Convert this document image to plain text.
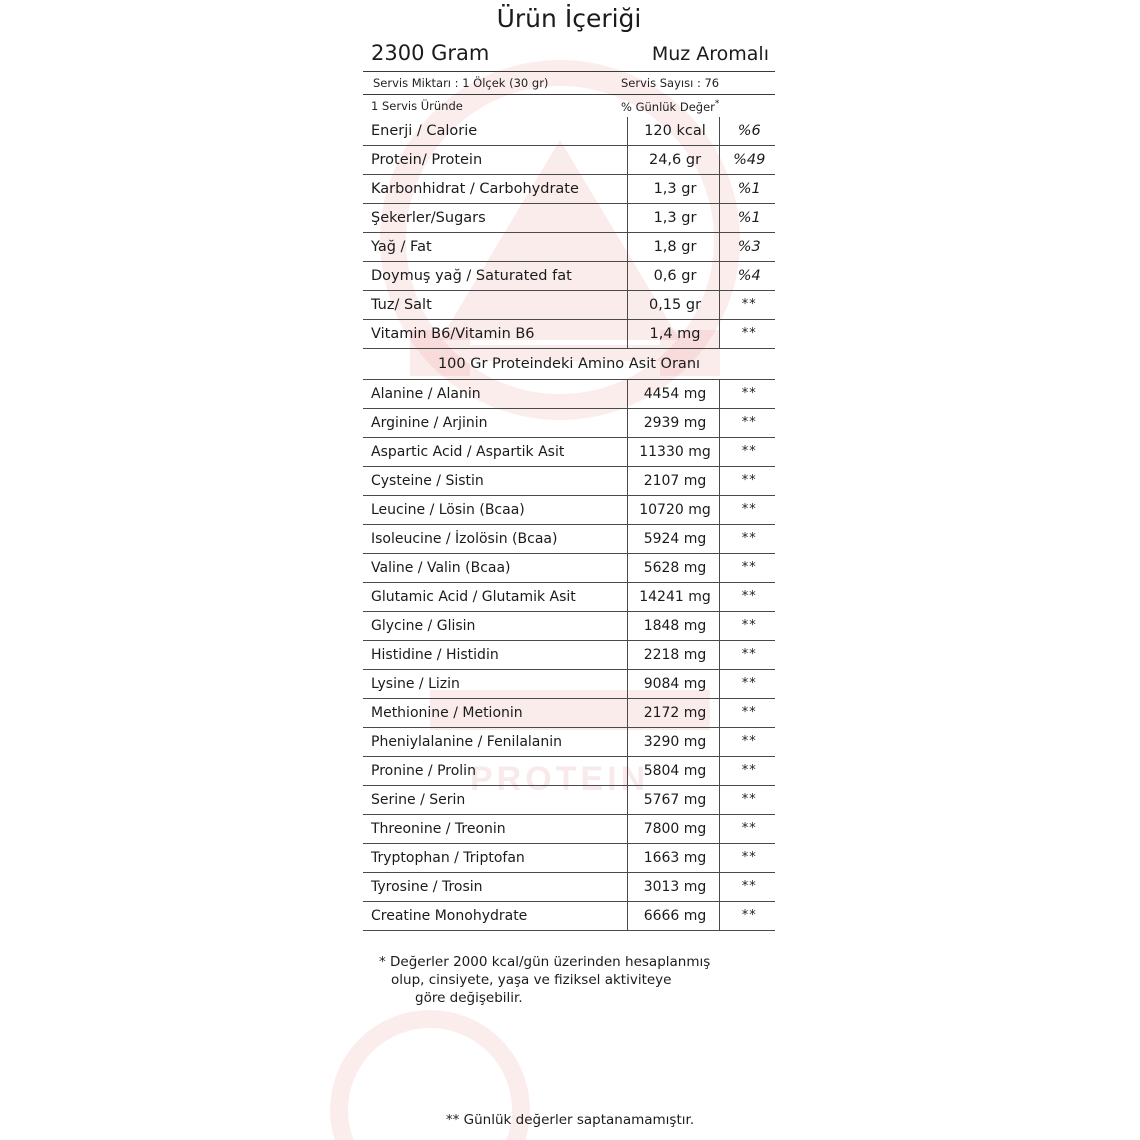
PROTEIN
Ürün İçeriği
2300 Gram	Muz Aromalı
Servis Miktarı : 1 Ölçek (30 gr)	Servis Sayısı : 76
1 Servis Üründe	% Günlük Değer*
Enerji / Calorie	120 kcal	%6
Protein/ Protein	24,6 gr	%49
Karbonhidrat / Carbohydrate	1,3 gr	%1
Şekerler/Sugars	1,3 gr	%1
Yağ / Fat	1,8 gr	%3
Doymuş yağ / Saturated fat	0,6 gr	%4
Tuz/ Salt	0,15 gr	**
Vitamin B6/Vitamin B6	1,4 mg	**
100 Gr Proteindeki Amino Asit Oranı		
Alanine / Alanin	4454 mg	**
Arginine / Arjinin	2939 mg	**
Aspartic Acid / Aspartik Asit	11330 mg	**
Cysteine / Sistin	2107 mg	**
Leucine / Lösin (Bcaa)	10720 mg	**
Isoleucine / İzolösin (Bcaa)	5924 mg	**
Valine / Valin (Bcaa)	5628 mg	**
Glutamic Acid / Glutamik Asit	14241 mg	**
Glycine / Glisin	1848 mg	**
Histidine / Histidin	2218 mg	**
Lysine / Lizin	9084 mg	**
Methionine / Metionin	2172 mg	**
Pheniylalanine / Fenilalanin	3290 mg	**
Pronine / Prolin	5804 mg	**
Serine / Serin	5767 mg	**
Threonine / Treonin	7800 mg	**
Tryptophan / Triptofan	1663 mg	**
Tyrosine / Trosin	3013 mg	**
Creatine Monohydrate	6666 mg	**
* Değerler 2000 kcal/gün üzerinden hesaplanmış
olup, cinsiyete, yaşa ve fiziksel aktiviteye
göre değişebilir.
** Günlük değerler saptanamamıştır.
